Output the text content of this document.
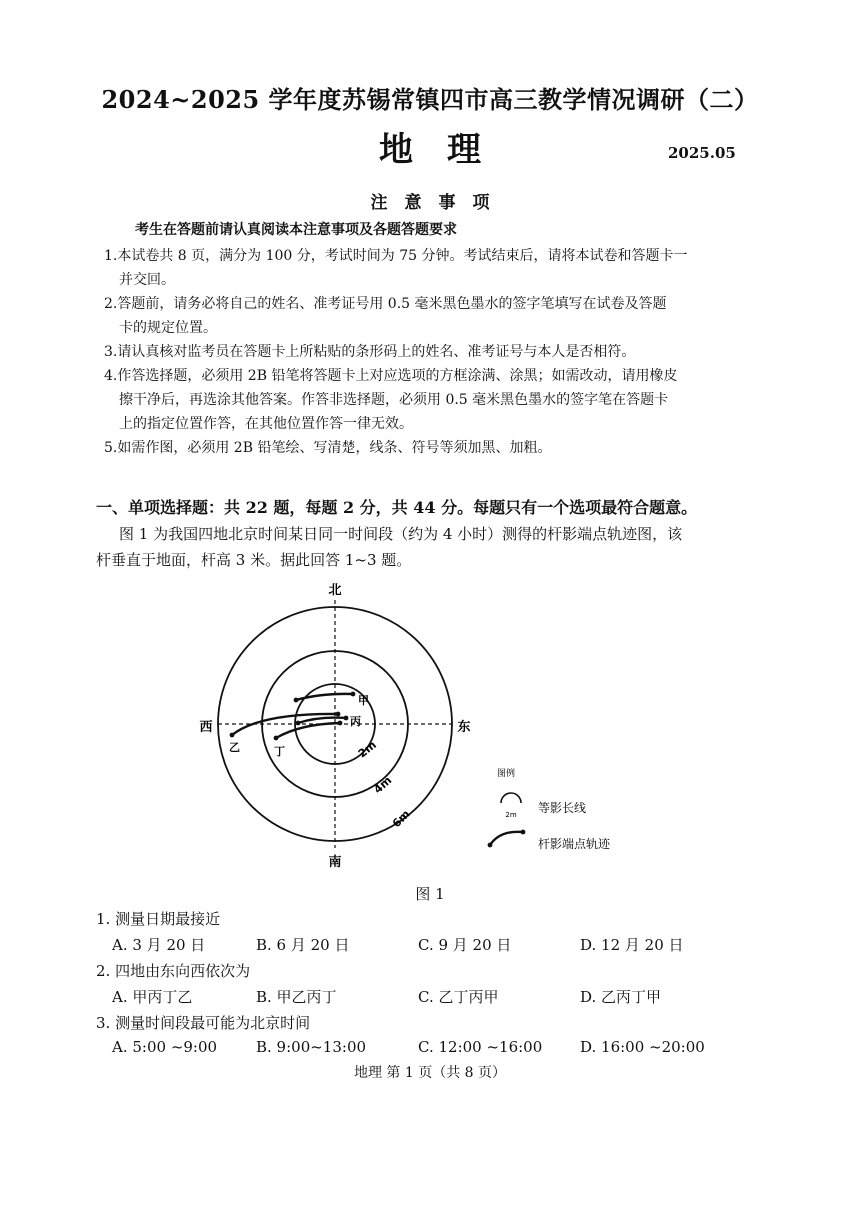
2024~2025 学年度苏锡常镇四市高三教学情况调研（二）
地　理	2025.05
注　意　事　项
考生在答题前请认真阅读本注意事项及各题答题要求
1.本试卷共 8 页，满分为 100 分，考试时间为 75 分钟。考试结束后，请将本试卷和答题卡一
并交回。
2.答题前，请务必将自己的姓名、准考证号用 0.5 毫米黑色墨水的签字笔填写在试卷及答题
卡的规定位置。
3.请认真核对监考员在答题卡上所粘贴的条形码上的姓名、准考证号与本人是否相符。
4.作答选择题，必须用 2B 铅笔将答题卡上对应选项的方框涂满、涂黑；如需改动，请用橡皮
擦干净后，再选涂其他答案。作答非选择题，必须用 0.5 毫米黑色墨水的签字笔在答题卡
上的指定位置作答，在其他位置作答一律无效。
5.如需作图，必须用 2B 铅笔绘、写清楚，线条、符号等须加黑、加粗。
一、单项选择题：共 22 题，每题 2 分，共 44 分。每题只有一个选项最符合题意。
图 1 为我国四地北京时间某日同一时间段（约为 4 小时）测得的杆影端点轨迹图，该
杆垂直于地面，杆高 3 米。据此回答 1~3 题。
北
南
西	东
2m
4m
6m
甲
丙
乙	丁
图例
2m 等影长线
杆影端点轨迹
图 1
1. 测量日期最接近
A. 3 月 20 日	B. 6 月 20 日	C. 9 月 20 日	D. 12 月 20 日
2. 四地由东向西依次为
A. 甲丙丁乙	B. 甲乙丙丁	C. 乙丁丙甲	D. 乙丙丁甲
3. 测量时间段最可能为北京时间
A. 5:00 ~9:00	B. 9:00~13:00	C. 12:00 ~16:00	D. 16:00 ~20:00
地理 第 1 页（共 8 页）
